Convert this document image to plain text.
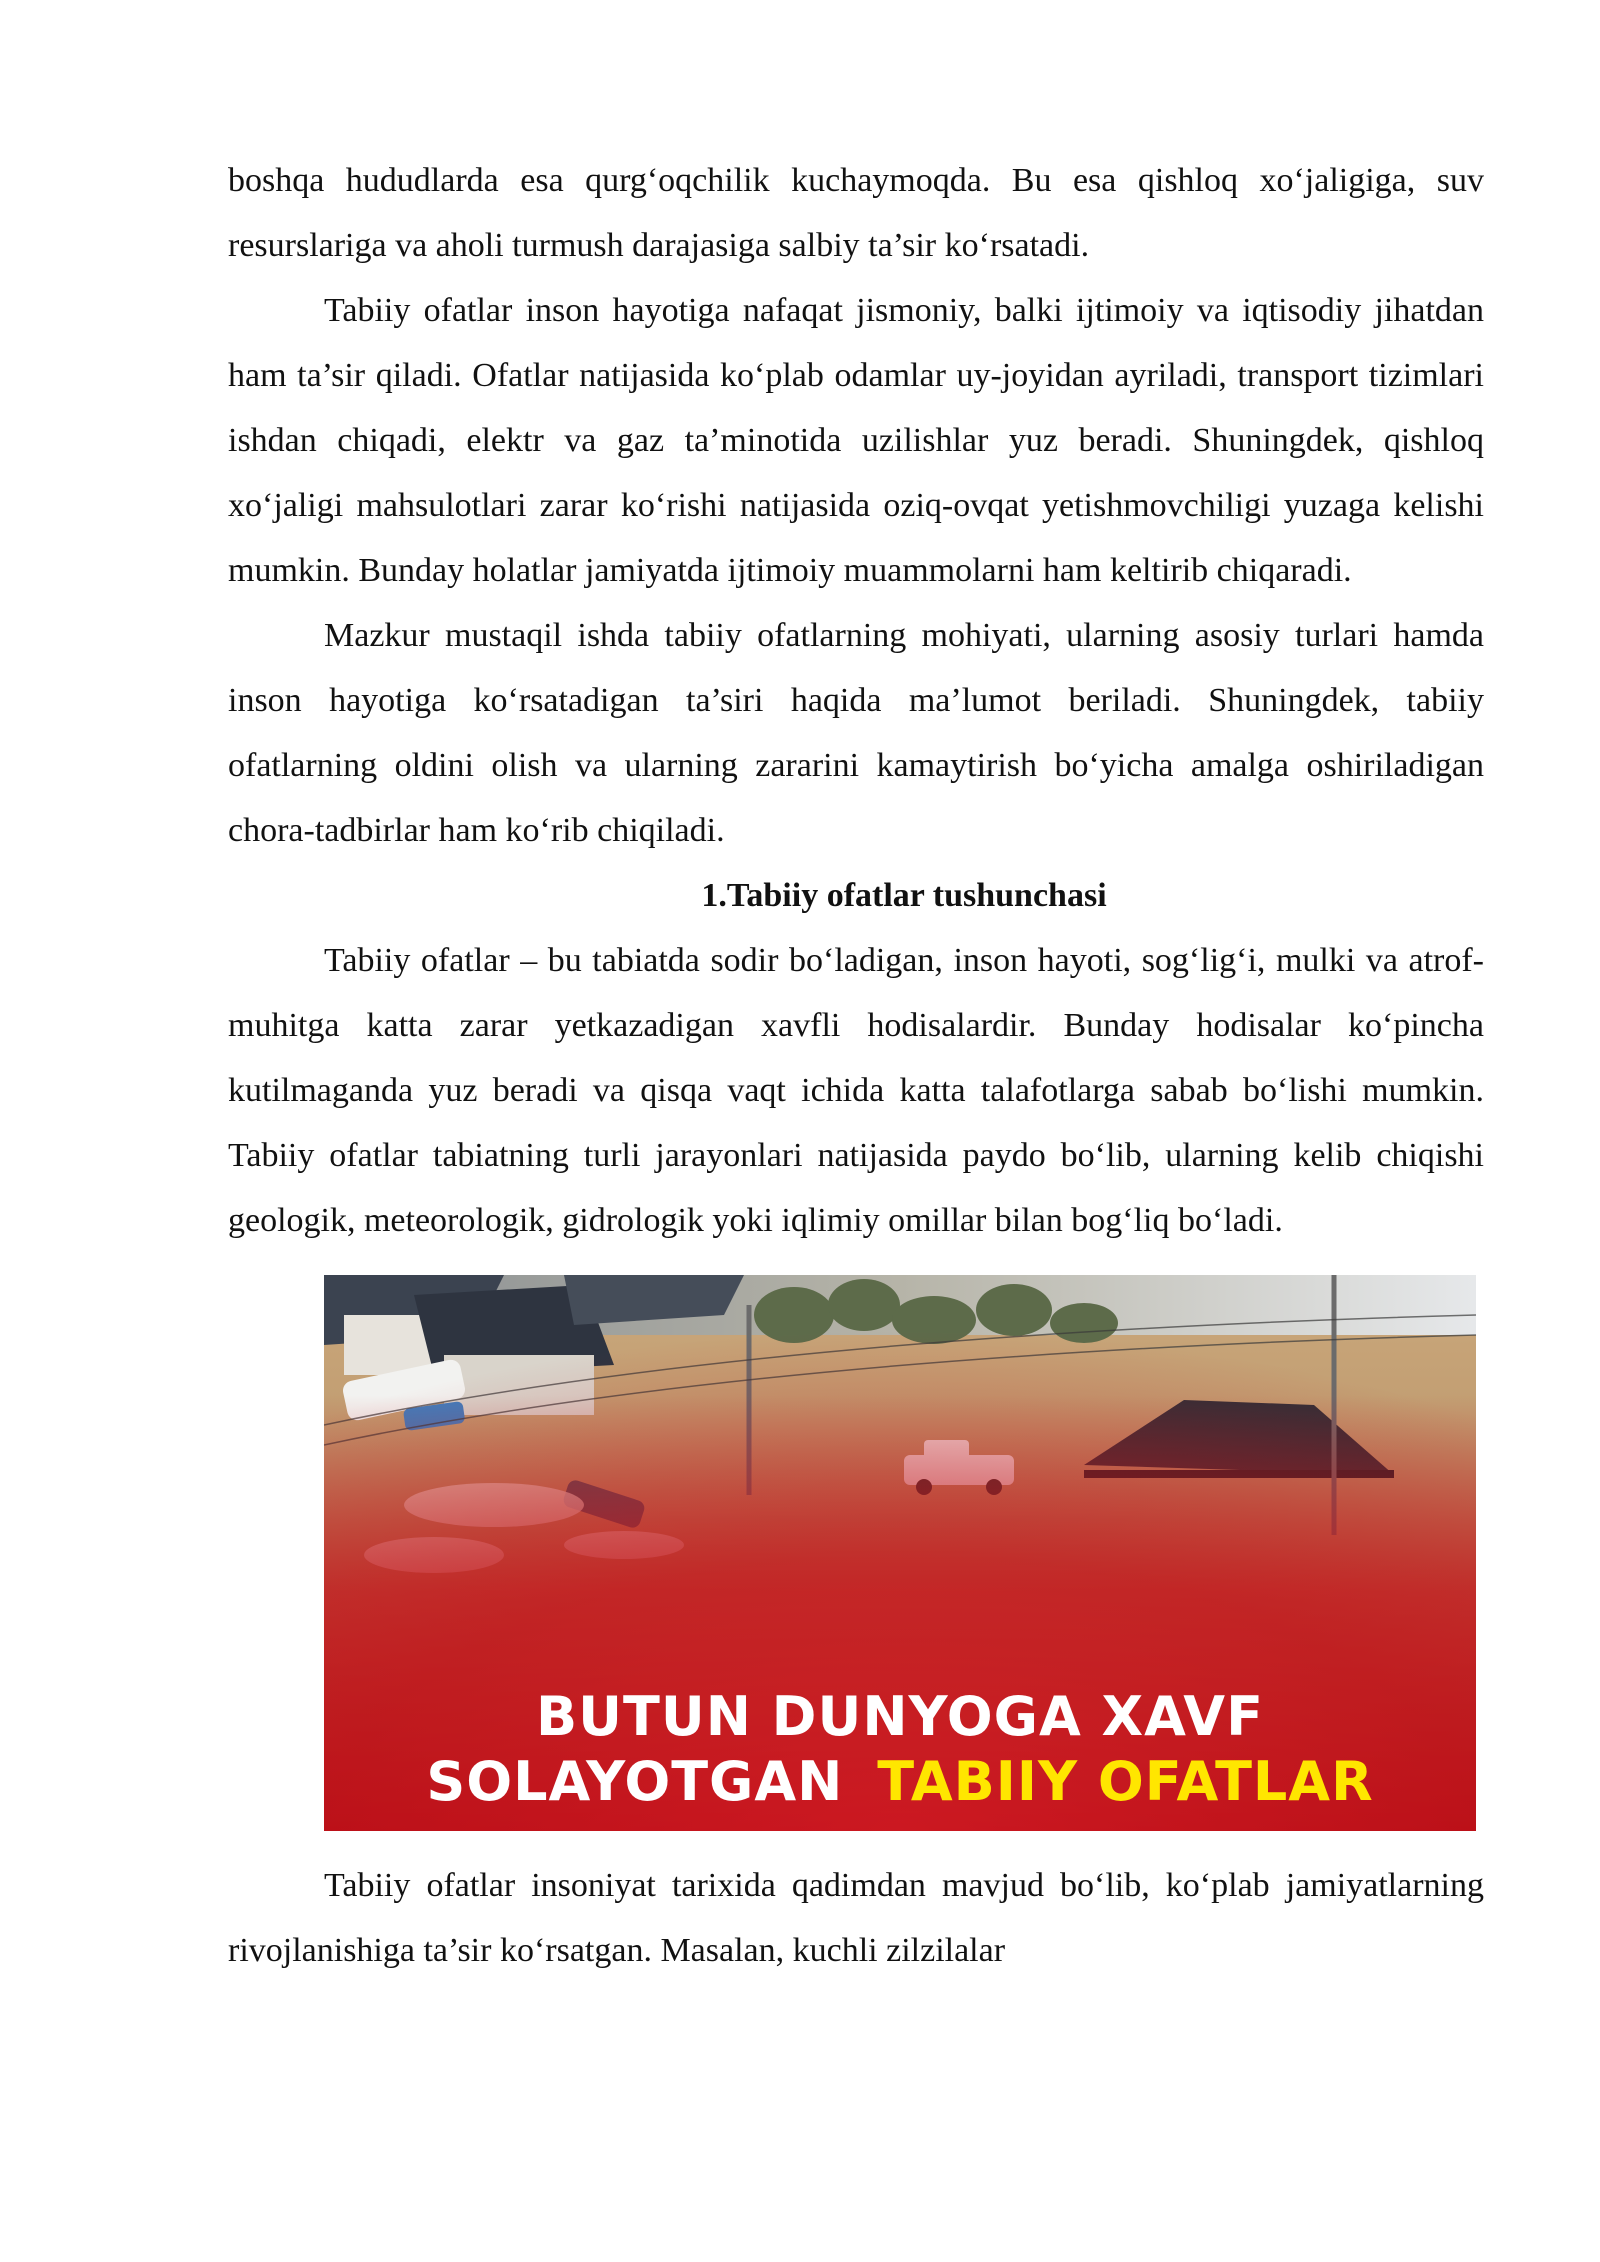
boshqa hududlarda esa qurg‘oqchilik kuchaymoqda. Bu esa qishloq xo‘jaligiga, suv resurslariga va aholi turmush darajasiga salbiy ta’sir ko‘rsatadi.

Tabiiy ofatlar inson hayotiga nafaqat jismoniy, balki ijtimoiy va iqtisodiy jihatdan ham ta’sir qiladi. Ofatlar natijasida ko‘plab odamlar uy-joyidan ayriladi, transport tizimlari ishdan chiqadi, elektr va gaz ta’minotida uzilishlar yuz beradi. Shuningdek, qishloq xo‘jaligi mahsulotlari zarar ko‘rishi natijasida oziq-ovqat yetishmovchiligi yuzaga kelishi mumkin. Bunday holatlar jamiyatda ijtimoiy muammolarni ham keltirib chiqaradi.

Mazkur mustaqil ishda tabiiy ofatlarning mohiyati, ularning asosiy turlari hamda inson hayotiga ko‘rsatadigan ta’siri haqida ma’lumot beriladi. Shuningdek, tabiiy ofatlarning oldini olish va ularning zararini kamaytirish bo‘yicha amalga oshiriladigan chora-tadbirlar ham ko‘rib chiqiladi.

1.Tabiiy ofatlar tushunchasi

Tabiiy ofatlar – bu tabiatda sodir bo‘ladigan, inson hayoti, sog‘lig‘i, mulki va atrof-muhitga katta zarar yetkazadigan xavfli hodisalardir. Bunday hodisalar ko‘pincha kutilmaganda yuz beradi va qisqa vaqt ichida katta talafotlarga sabab bo‘lishi mumkin. Tabiiy ofatlar tabiatning turli jarayonlari natijasida paydo bo‘lib, ularning kelib chiqishi geologik, meteorologik, gidrologik yoki iqlimiy omillar bilan bog‘liq bo‘ladi.

BUTUN DUNYOGA XAVF
SOLAYOTGAN TABIIY OFATLAR

Tabiiy ofatlar insoniyat tarixida qadimdan mavjud bo‘lib, ko‘plab jamiyatlarning rivojlanishiga ta’sir ko‘rsatgan. Masalan, kuchli zilzilalar
